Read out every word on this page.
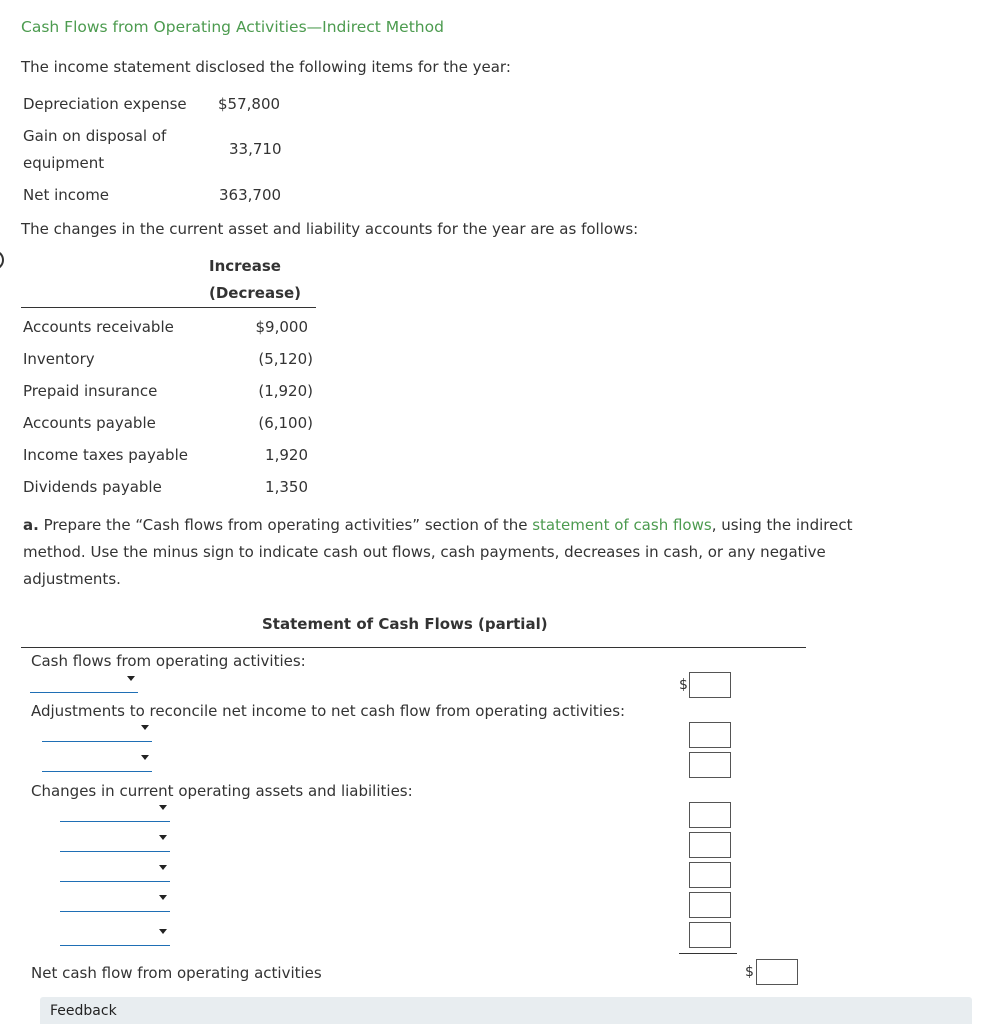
Cash Flows from Operating Activities—Indirect Method
The income statement disclosed the following items for the year:
Depreciation expense $57,800
Gain on disposal of
equipment
33,710
Net income	363,700
The changes in the current asset and liability accounts for the year are as follows:
Increase
(Decrease)
Accounts receivable	$9,000
Inventory	(5,120)
Prepaid insurance	(1,920)
Accounts payable	(6,100)
Income taxes payable	1,920
Dividends payable	1,350
a. Prepare the “Cash flows from operating activities” section of the statement of cash flows, using the indirect
method. Use the minus sign to indicate cash out flows, cash payments, decreases in cash, or any negative
adjustments.
Statement of Cash Flows (partial)
Cash flows from operating activities:
$
Adjustments to reconcile net income to net cash flow from operating activities:
Changes in current operating assets and liabilities:
Net cash flow from operating activities	$
Feedback
